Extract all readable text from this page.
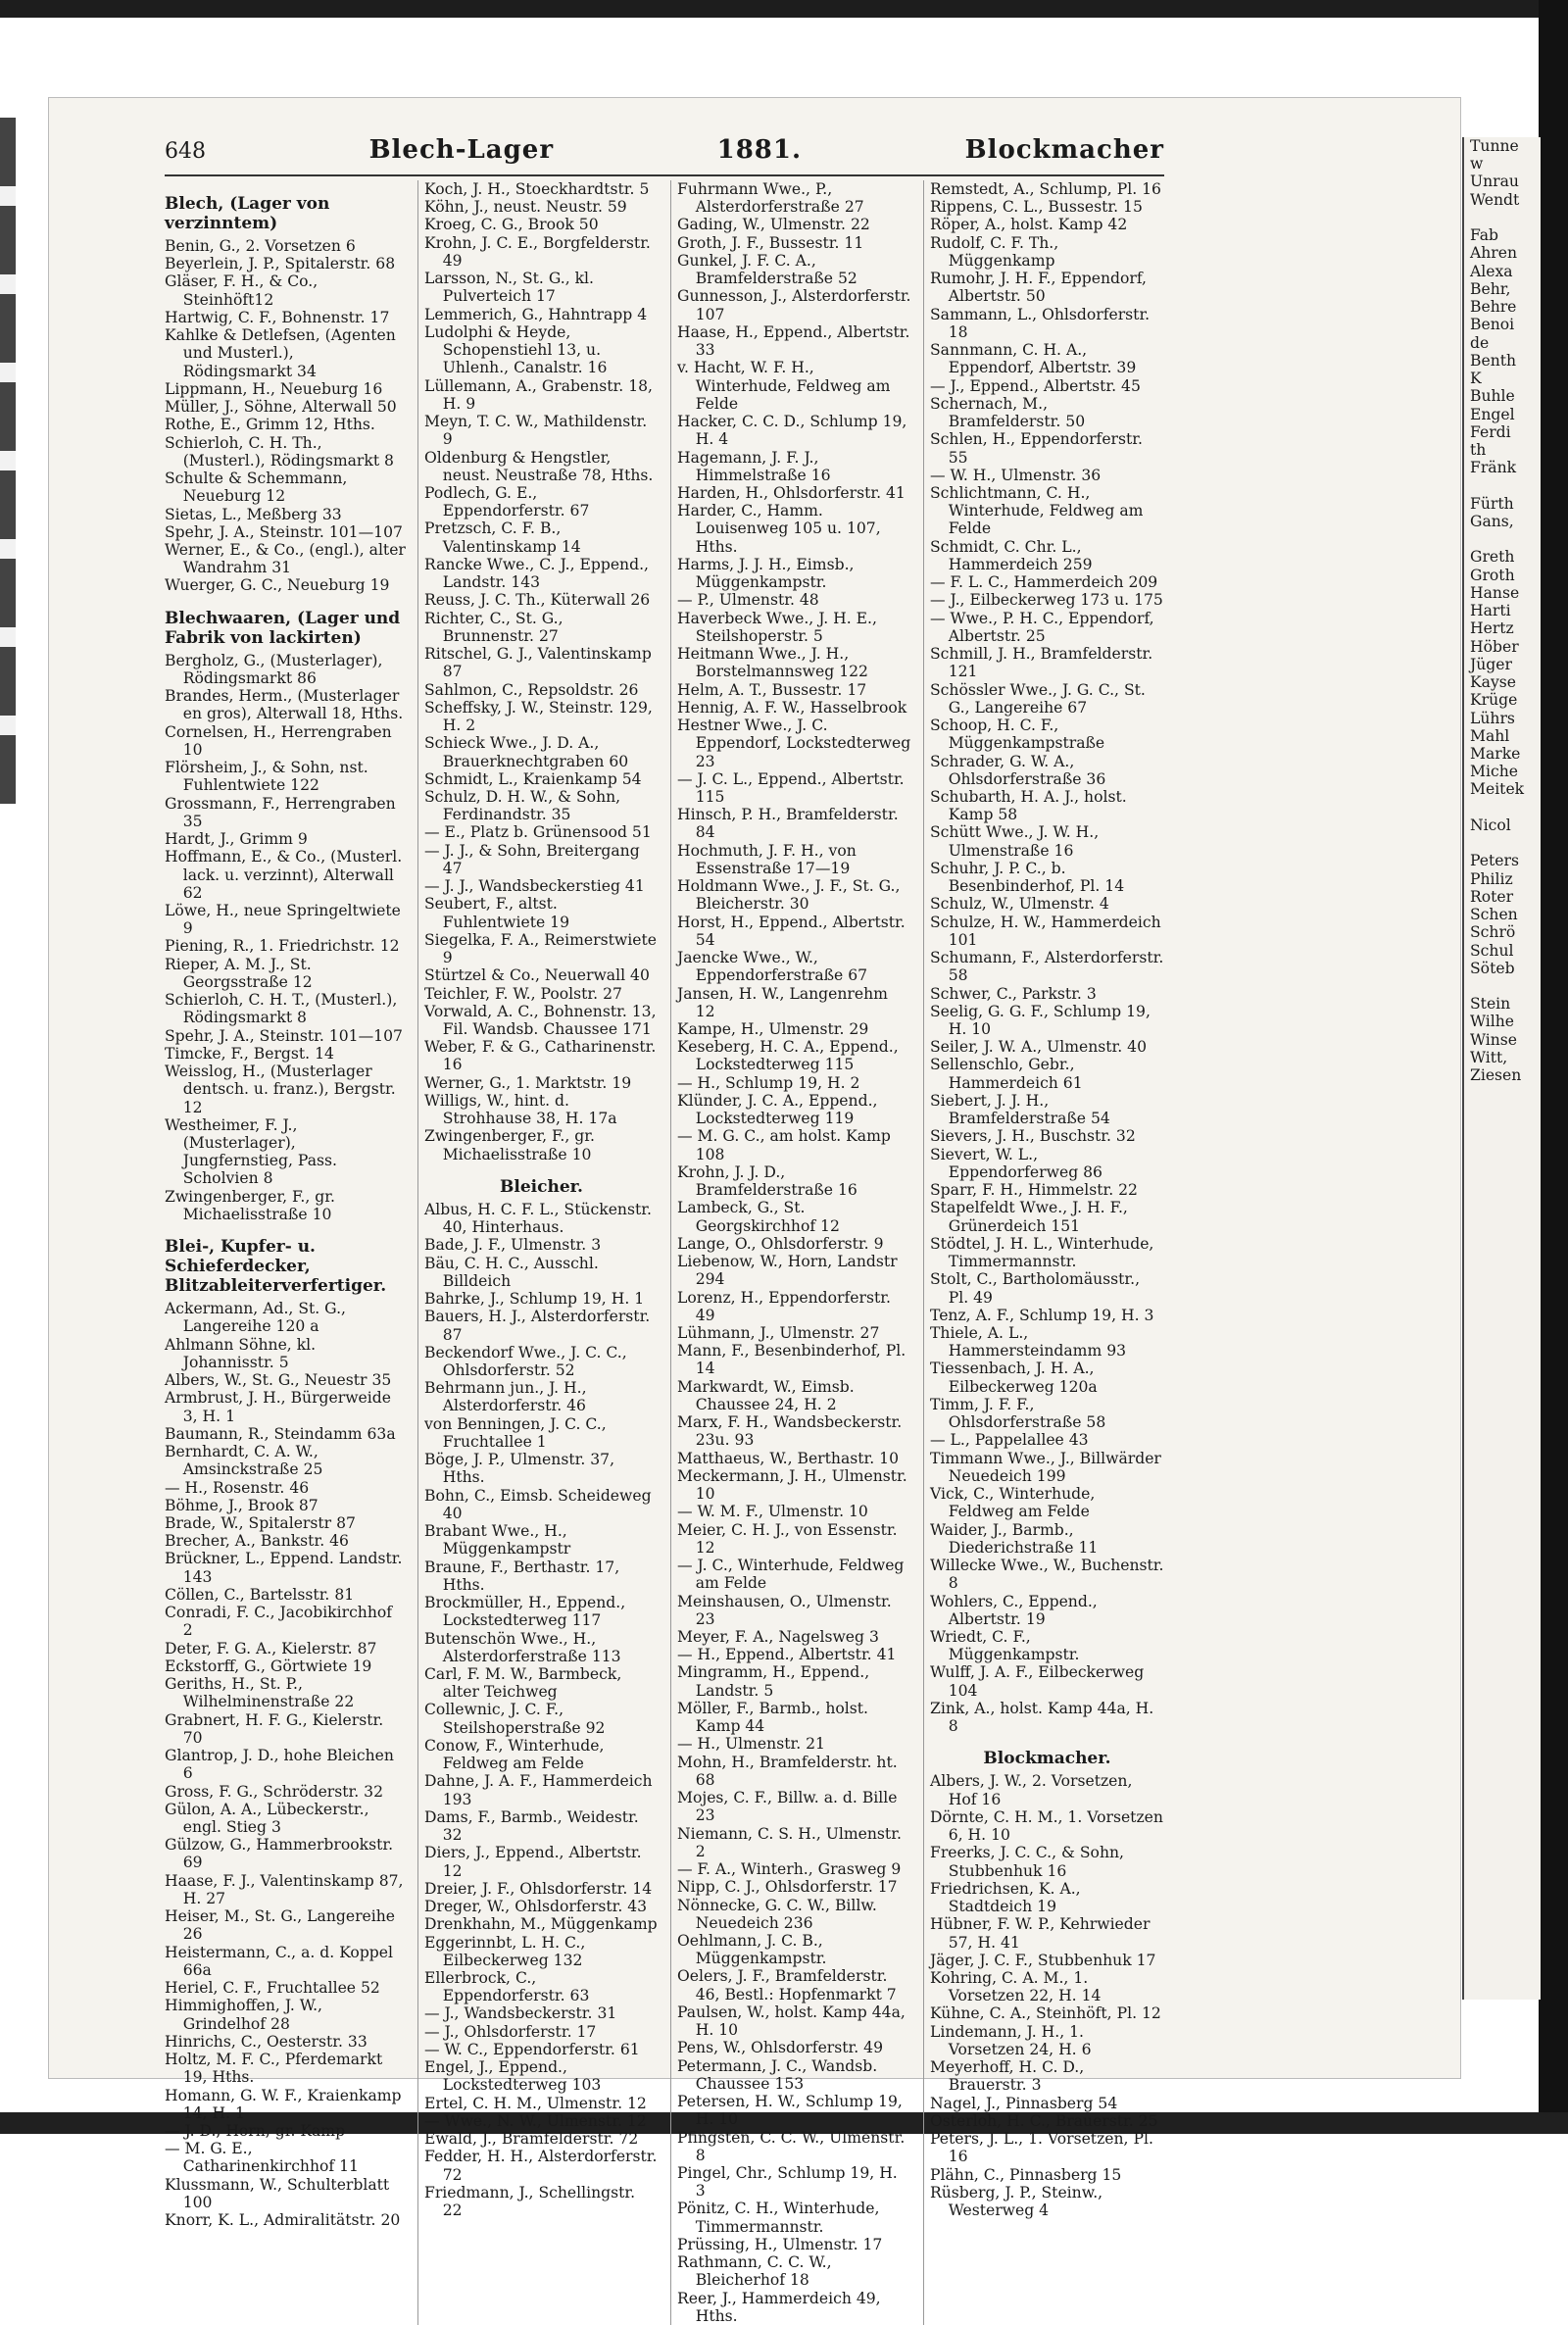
648	Blech-Lager	1881.	Blockmacher
Blech, (Lager von verzinntem)
Benin, G., 2. Vorsetzen 6
Beyerlein, J. P., Spitalerstr. 68
Gläser, F. H., & Co., Steinhöft12
Hartwig, C. F., Bohnenstr. 17
Kahlke & Detlefsen, (Agenten und Musterl.), Rödingsmarkt 34
Lippmann, H., Neueburg 16
Müller, J., Söhne, Alterwall 50
Rothe, E., Grimm 12, Hths.
Schierloh, C. H. Th., (Musterl.), Rödingsmarkt 8
Schulte & Schemmann, Neueburg 12
Sietas, L., Meßberg 33
Spehr, J. A., Steinstr. 101—107
Werner, E., & Co., (engl.), alter Wandrahm 31
Wuerger, G. C., Neueburg 19
Blechwaaren, (Lager und Fabrik von lackirten)
Bergholz, G., (Musterlager), Rödingsmarkt 86
Brandes, Herm., (Musterlager en gros), Alterwall 18, Hths.
Cornelsen, H., Herrengraben 10
Flörsheim, J., & Sohn, nst. Fuhlentwiete 122
Grossmann, F., Herrengraben 35
Hardt, J., Grimm 9
Hoffmann, E., & Co., (Musterl. lack. u. verzinnt), Alterwall 62
Löwe, H., neue Springeltwiete 9
Piening, R., 1. Friedrichstr. 12
Rieper, A. M. J., St. Georgsstraße 12
Schierloh, C. H. T., (Musterl.), Rödingsmarkt 8
Spehr, J. A., Steinstr. 101—107
Timcke, F., Bergst. 14
Weisslog, H., (Musterlager dentsch. u. franz.), Bergstr. 12
Westheimer, F. J., (Musterlager), Jungfernstieg, Pass. Scholvien 8
Zwingenberger, F., gr. Michaelisstraße 10
Blei-, Kupfer- u. Schieferdecker, Blitzableiterverfertiger.
Ackermann, Ad., St. G., Langereihe 120 a
Ahlmann Söhne, kl. Johannisstr. 5
Albers, W., St. G., Neuestr 35
Armbrust, J. H., Bürgerweide 3, H. 1
Baumann, R., Steindamm 63a
Bernhardt, C. A. W., Amsinckstraße 25
— H., Rosenstr. 46
Böhme, J., Brook 87
Brade, W., Spitalerstr 87
Brecher, A., Bankstr. 46
Brückner, L., Eppend. Landstr. 143
Cöllen, C., Bartelsstr. 81
Conradi, F. C., Jacobikirchhof 2
Deter, F. G. A., Kielerstr. 87
Eckstorff, G., Görtwiete 19
Geriths, H., St. P., Wilhelminenstraße 22
Grabnert, H. F. G., Kielerstr. 70
Glantrop, J. D., hohe Bleichen 6
Gross, F. G., Schröderstr. 32
Gülon, A. A., Lübeckerstr., engl. Stieg 3
Gülzow, G., Hammerbrookstr. 69
Haase, F. J., Valentinskamp 87, H. 27
Heiser, M., St. G., Langereihe 26
Heistermann, C., a. d. Koppel 66a
Heriel, C. F., Fruchtallee 52
Himmighoffen, J. W., Grindelhof 28
Hinrichs, C., Oesterstr. 33
Holtz, M. F. C., Pferdemarkt 19, Hths.
Homann, G. W. F., Kraienkamp 14, H. 1
— J. D., Horn, gr. Kamp
— M. G. E., Catharinenkirchhof 11
Klussmann, W., Schulterblatt 100
Knorr, K. L., Admiralitätstr. 20
Koch, J. H., Stoeckhardtstr. 5
Köhn, J., neust. Neustr. 59
Kroeg, C. G., Brook 50
Krohn, J. C. E., Borgfelderstr. 49
Larsson, N., St. G., kl. Pulverteich 17
Lemmerich, G., Hahntrapp 4
Ludolphi & Heyde, Schopenstiehl 13, u. Uhlenh., Canalstr. 16
Lüllemann, A., Grabenstr. 18, H. 9
Meyn, T. C. W., Mathildenstr. 9
Oldenburg & Hengstler, neust. Neustraße 78, Hths.
Podlech, G. E., Eppendorferstr. 67
Pretzsch, C. F. B., Valentinskamp 14
Rancke Wwe., C. J., Eppend., Landstr. 143
Reuss, J. C. Th., Küterwall 26
Richter, C., St. G., Brunnenstr. 27
Ritschel, G. J., Valentinskamp 87
Sahlmon, C., Repsoldstr. 26
Scheffsky, J. W., Steinstr. 129, H. 2
Schieck Wwe., J. D. A., Brauerknechtgraben 60
Schmidt, L., Kraienkamp 54
Schulz, D. H. W., & Sohn, Ferdinandstr. 35
— E., Platz b. Grünensood 51
— J. J., & Sohn, Breitergang 47
— J. J., Wandsbeckerstieg 41
Seubert, F., altst. Fuhlentwiete 19
Siegelka, F. A., Reimerstwiete 9
Stürtzel & Co., Neuerwall 40
Teichler, F. W., Poolstr. 27
Vorwald, A. C., Bohnenstr. 13, Fil. Wandsb. Chaussee 171
Weber, F. & G., Catharinenstr. 16
Werner, G., 1. Marktstr. 19
Willigs, W., hint. d. Strohhause 38, H. 17a
Zwingenberger, F., gr. Michaelisstraße 10
Bleicher.
Albus, H. C. F. L., Stückenstr. 40, Hinterhaus.
Bade, J. F., Ulmenstr. 3
Bäu, C. H. C., Ausschl. Billdeich
Bahrke, J., Schlump 19, H. 1
Bauers, H. J., Alsterdorferstr. 87
Beckendorf Wwe., J. C. C., Ohlsdorferstr. 52
Behrmann jun., J. H., Alsterdorferstr. 46
von Benningen, J. C. C., Fruchtallee 1
Böge, J. P., Ulmenstr. 37, Hths.
Bohn, C., Eimsb. Scheideweg 40
Brabant Wwe., H., Müggenkampstr
Braune, F., Berthastr. 17, Hths.
Brockmüller, H., Eppend., Lockstedterweg 117
Butenschön Wwe., H., Alsterdorferstraße 113
Carl, F. M. W., Barmbeck, alter Teichweg
Collewnic, J. C. F., Steilshoperstraße 92
Conow, F., Winterhude, Feldweg am Felde
Dahne, J. A. F., Hammerdeich 193
Dams, F., Barmb., Weidestr. 32
Diers, J., Eppend., Albertstr. 12
Dreier, J. F., Ohlsdorferstr. 14
Dreger, W., Ohlsdorferstr. 43
Drenkhahn, M., Müggenkamp
Eggerinnbt, L. H. C., Eilbeckerweg 132
Ellerbrock, C., Eppendorferstr. 63
— J., Wandsbeckerstr. 31
— J., Ohlsdorferstr. 17
— W. C., Eppendorferstr. 61
Engel, J., Eppend., Lockstedterweg 103
Ertel, C. H. M., Ulmenstr. 12
— Wwe., N. W., Ulmenstr. 12
Ewald, J., Bramfelderstr. 72
Fedder, H. H., Alsterdorferstr. 72
Friedmann, J., Schellingstr. 22
Fuhrmann Wwe., P., Alsterdorferstraße 27
Gading, W., Ulmenstr. 22
Groth, J. F., Bussestr. 11
Gunkel, J. F. C. A., Bramfelderstraße 52
Gunnesson, J., Alsterdorferstr. 107
Haase, H., Eppend., Albertstr. 33
v. Hacht, W. F. H., Winterhude, Feldweg am Felde
Hacker, C. C. D., Schlump 19, H. 4
Hagemann, J. F. J., Himmelstraße 16
Harden, H., Ohlsdorferstr. 41
Harder, C., Hamm. Louisenweg 105 u. 107, Hths.
Harms, J. J. H., Eimsb., Müggenkampstr.
— P., Ulmenstr. 48
Haverbeck Wwe., J. H. E., Steilshoperstr. 5
Heitmann Wwe., J. H., Borstelmannsweg 122
Helm, A. T., Bussestr. 17
Hennig, A. F. W., Hasselbrook
Hestner Wwe., J. C. Eppendorf, Lockstedterweg 23
— J. C. L., Eppend., Albertstr. 115
Hinsch, P. H., Bramfelderstr. 84
Hochmuth, J. F. H., von Essenstraße 17—19
Holdmann Wwe., J. F., St. G., Bleicherstr. 30
Horst, H., Eppend., Albertstr. 54
Jaencke Wwe., W., Eppendorferstraße 67
Jansen, H. W., Langenrehm 12
Kampe, H., Ulmenstr. 29
Keseberg, H. C. A., Eppend., Lockstedterweg 115
— H., Schlump 19, H. 2
Klünder, J. C. A., Eppend., Lockstedterweg 119
— M. G. C., am holst. Kamp 108
Krohn, J. J. D., Bramfelderstraße 16
Lambeck, G., St. Georgskirchhof 12
Lange, O., Ohlsdorferstr. 9
Liebenow, W., Horn, Landstr 294
Lorenz, H., Eppendorferstr. 49
Lühmann, J., Ulmenstr. 27
Mann, F., Besenbinderhof, Pl. 14
Markwardt, W., Eimsb. Chaussee 24, H. 2
Marx, F. H., Wandsbeckerstr. 23u. 93
Matthaeus, W., Berthastr. 10
Meckermann, J. H., Ulmenstr. 10
— W. M. F., Ulmenstr. 10
Meier, C. H. J., von Essenstr. 12
— J. C., Winterhude, Feldweg am Felde
Meinshausen, O., Ulmenstr. 23
Meyer, F. A., Nagelsweg 3
— H., Eppend., Albertstr. 41
Mingramm, H., Eppend., Landstr. 5
Möller, F., Barmb., holst. Kamp 44
— H., Ulmenstr. 21
Mohn, H., Bramfelderstr. ht. 68
Mojes, C. F., Billw. a. d. Bille 23
Niemann, C. S. H., Ulmenstr. 2
— F. A., Winterh., Grasweg 9
Nipp, C. J., Ohlsdorferstr. 17
Nönnecke, G. C. W., Billw. Neuedeich 236
Oehlmann, J. C. B., Müggenkampstr.
Oelers, J. F., Bramfelderstr. 46, Bestl.: Hopfenmarkt 7
Paulsen, W., holst. Kamp 44a, H. 10
Pens, W., Ohlsdorferstr. 49
Petermann, J. C., Wandsb. Chaussee 153
Petersen, H. W., Schlump 19, H. 10
Pfingsten, C. C. W., Ulmenstr. 8
Pingel, Chr., Schlump 19, H. 3
Pönitz, C. H., Winterhude, Timmermannstr.
Prüssing, H., Ulmenstr. 17
Rathmann, C. C. W., Bleicherhof 18
Reer, J., Hammerdeich 49, Hths.
Remstedt, A., Schlump, Pl. 16
Rippens, C. L., Bussestr. 15
Röper, A., holst. Kamp 42
Rudolf, C. F. Th., Müggenkamp
Rumohr, J. H. F., Eppendorf, Albertstr. 50
Sammann, L., Ohlsdorferstr. 18
Sannmann, C. H. A., Eppendorf, Albertstr. 39
— J., Eppend., Albertstr. 45
Schernach, M., Bramfelderstr. 50
Schlen, H., Eppendorferstr. 55
— W. H., Ulmenstr. 36
Schlichtmann, C. H., Winterhude, Feldweg am Felde
Schmidt, C. Chr. L., Hammerdeich 259
— F. L. C., Hammerdeich 209
— J., Eilbeckerweg 173 u. 175
— Wwe., P. H. C., Eppendorf, Albertstr. 25
Schmill, J. H., Bramfelderstr. 121
Schössler Wwe., J. G. C., St. G., Langereihe 67
Schoop, H. C. F., Müggenkampstraße
Schrader, G. W. A., Ohlsdorferstraße 36
Schubarth, H. A. J., holst. Kamp 58
Schütt Wwe., J. W. H., Ulmenstraße 16
Schuhr, J. P. C., b. Besenbinderhof, Pl. 14
Schulz, W., Ulmenstr. 4
Schulze, H. W., Hammerdeich 101
Schumann, F., Alsterdorferstr. 58
Schwer, C., Parkstr. 3
Seelig, G. G. F., Schlump 19, H. 10
Seiler, J. W. A., Ulmenstr. 40
Sellenschlo, Gebr., Hammerdeich 61
Siebert, J. J. H., Bramfelderstraße 54
Sievers, J. H., Buschstr. 32
Sievert, W. L., Eppendorferweg 86
Sparr, F. H., Himmelstr. 22
Stapelfeldt Wwe., J. H. F., Grünerdeich 151
Stödtel, J. H. L., Winterhude, Timmermannstr.
Stolt, C., Bartholomäusstr., Pl. 49
Tenz, A. F., Schlump 19, H. 3
Thiele, A. L., Hammersteindamm 93
Tiessenbach, J. H. A., Eilbeckerweg 120a
Timm, J. F. F., Ohlsdorferstraße 58
— L., Pappelallee 43
Timmann Wwe., J., Billwärder Neuedeich 199
Vick, C., Winterhude, Feldweg am Felde
Waider, J., Barmb., Diederichstraße 11
Willecke Wwe., W., Buchenstr. 8
Wohlers, C., Eppend., Albertstr. 19
Wriedt, C. F., Müggenkampstr.
Wulff, J. A. F., Eilbeckerweg 104
Zink, A., holst. Kamp 44a, H. 8
Blockmacher.
Albers, J. W., 2. Vorsetzen, Hof 16
Dörnte, C. H. M., 1. Vorsetzen 6, H. 10
Freerks, J. C. C., & Sohn, Stubbenhuk 16
Friedrichsen, K. A., Stadtdeich 19
Hübner, F. W. P., Kehrwieder 57, H. 41
Jäger, J. C. F., Stubbenhuk 17
Kohring, C. A. M., 1. Vorsetzen 22, H. 14
Kühne, C. A., Steinhöft, Pl. 12
Lindemann, J. H., 1. Vorsetzen 24, H. 6
Meyerhoff, H. C. D., Brauerstr. 3
Nagel, J., Pinnasberg 54
Osterloh, H. C., Brauerstr. 25
Peters, J. L., 1. Vorsetzen, Pl. 16
Plähn, C., Pinnasberg 15
Rüsberg, J. P., Steinw., Westerweg 4
Tunne
w
Unrau
Wendt

Fab
Ahren
Alexa
Behr,
Behre
Benoi
de
Benth
K
Buhle
Engel
Ferdi
th
Fränk

Fürth
Gans,

Greth
Groth
Hanse
Harti
Hertz
Höber
Jüger
Kayse
Krüge
Lührs
Mahl
Marke
Miche
Meitek

Nicol

Peters
Philiz
Roter
Schen
Schrö
Schul
Söteb

Stein
Wilhe
Winse
Witt,
Ziesen
